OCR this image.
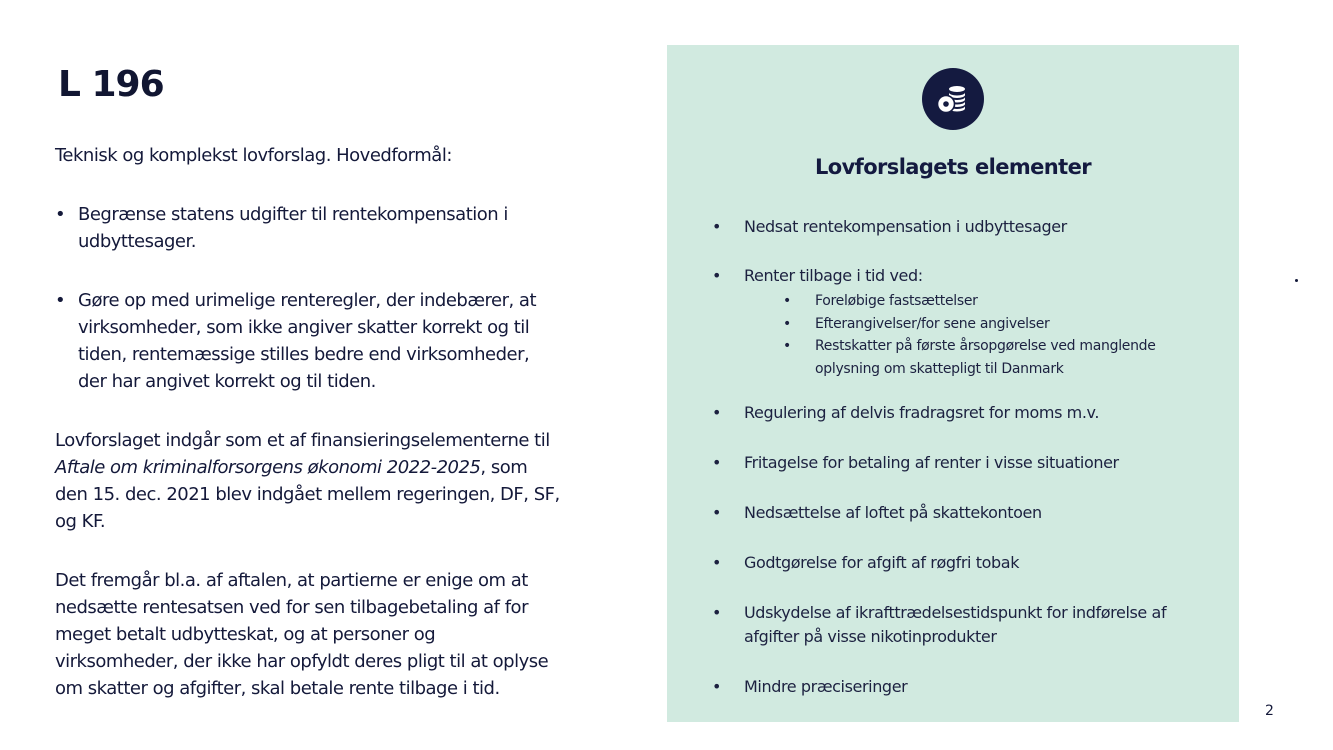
L 196

Teknisk og komplekst lovforslag. Hovedformål:

• Begrænse statens udgifter til rentekompensation i udbyttesager.
• Gøre op med urimelige renteregler, der indebærer, at virksomheder, som ikke angiver skatter korrekt og til tiden, rentemæssige stilles bedre end virksomheder, der har angivet korrekt og til tiden.

Lovforslaget indgår som et af finansieringselementerne til Aftale om kriminalforsorgens økonomi 2022-2025, som den 15. dec. 2021 blev indgået mellem regeringen, DF, SF, og KF.

Det fremgår bl.a. af aftalen, at partierne er enige om at nedsætte rentesatsen ved for sen tilbagebetaling af for meget betalt udbytteskat, og at personer og virksomheder, der ikke har opfyldt deres pligt til at oplyse om skatter og afgifter, skal betale rente tilbage i tid.

Lovforslagets elementer
• Nedsat rentekompensation i udbyttesager
• Renter tilbage i tid ved:
• Foreløbige fastsættelser
• Efterangivelser/for sene angivelser
• Restskatter på første årsopgørelse ved manglende oplysning om skattepligt til Danmark
• Regulering af delvis fradragsret for moms m.v.
• Fritagelse for betaling af renter i visse situationer
• Nedsættelse af loftet på skattekontoen
• Godtgørelse for afgift af røgfri tobak
• Udskydelse af ikrafttrædelsestidspunkt for indførelse af afgifter på visse nikotinprodukter
• Mindre præciseringer
2
